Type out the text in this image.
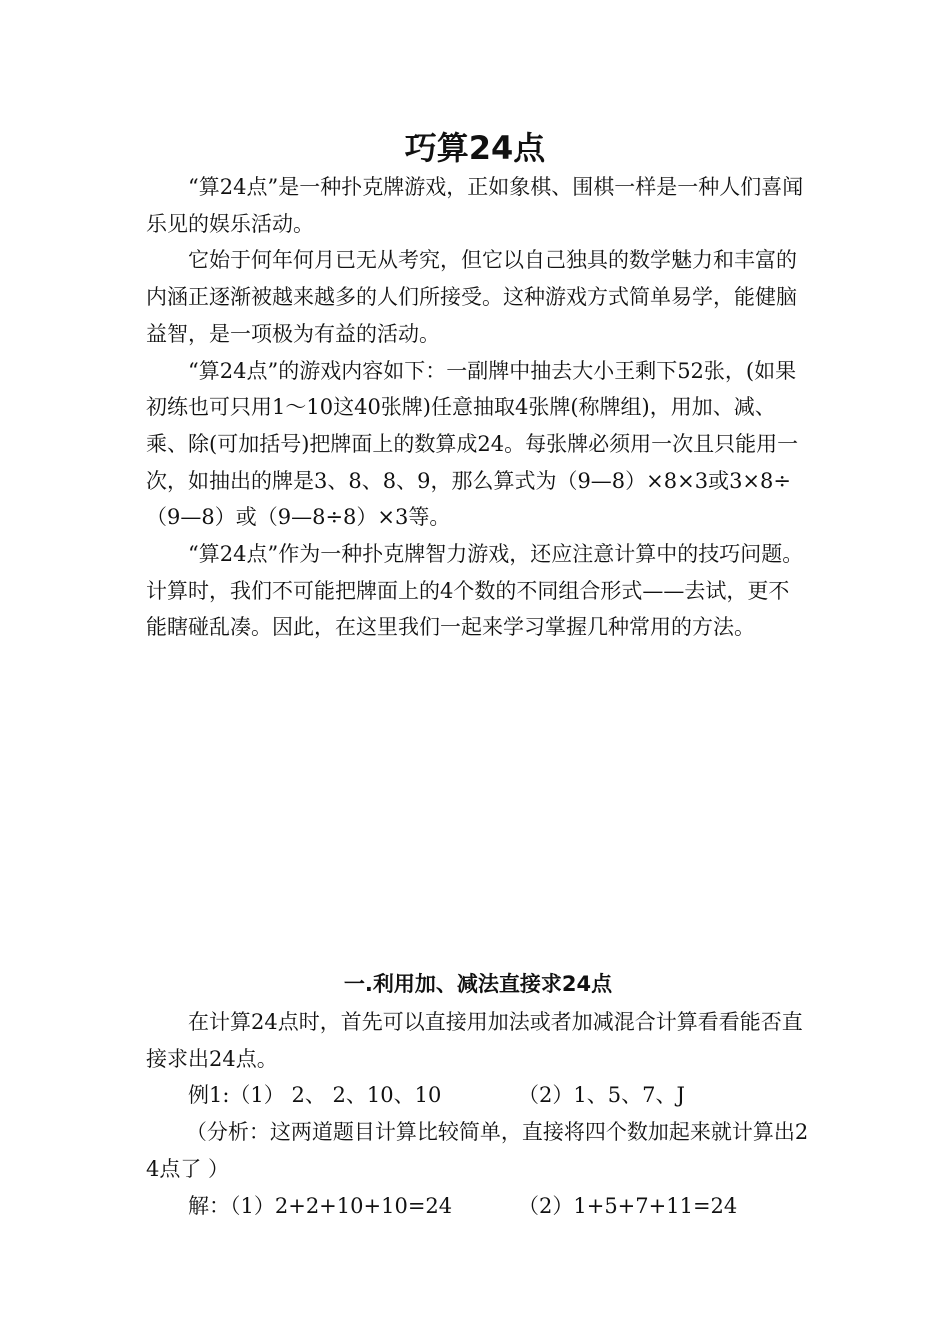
巧算24点

“算24点”是一种扑克牌游戏，正如象棋、围棋一样是一种人们喜闻乐见的娱乐活动。

它始于何年何月已无从考究，但它以自己独具的数学魅力和丰富的内涵正逐渐被越来越多的人们所接受。这种游戏方式简单易学，能健脑益智，是一项极为有益的活动。

“算24点”的游戏内容如下：一副牌中抽去大小王剩下52张，(如果初练也可只用1～10这40张牌)任意抽取4张牌(称牌组)，用加、减、乘、除(可加括号)把牌面上的数算成24。每张牌必须用一次且只能用一次，如抽出的牌是3、8、8、9，那么算式为（9—8）×8×3或3×8÷（9—8）或（9—8÷8）×3等。

“算24点”作为一种扑克牌智力游戏，还应注意计算中的技巧问题。计算时，我们不可能把牌面上的4个数的不同组合形式——去试，更不能瞎碰乱凑。因此，在这里我们一起来学习掌握几种常用的方法。

一.利用加、减法直接求24点

在计算24点时，首先可以直接用加法或者加减混合计算看看能否直接求出24点。

例1:（1） 2、 2、10、10	（2）1、5、7、J

（分析：这两道题目计算比较简单，直接将四个数加起来就计算出24点了 ）

解：（1）2+2+10+10=24	（2）1+5+7+11=24
